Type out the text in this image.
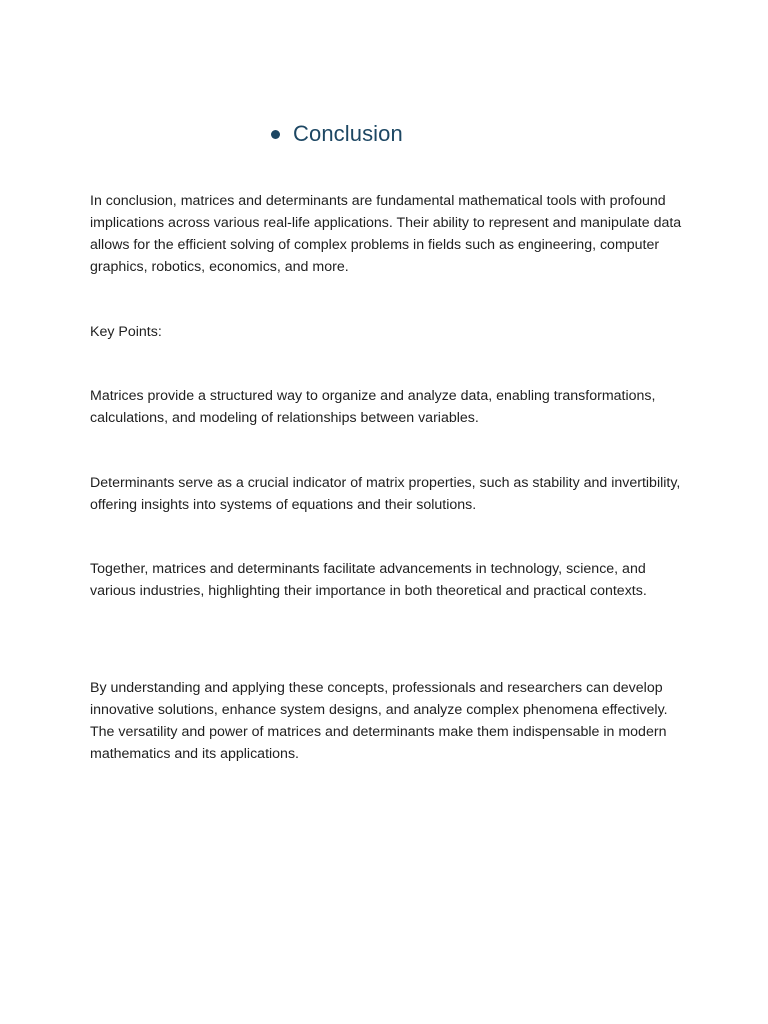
Conclusion

In conclusion, matrices and determinants are fundamental mathematical tools with profound implications across various real-life applications. Their ability to represent and manipulate data allows for the efficient solving of complex problems in fields such as engineering, computer graphics, robotics, economics, and more.

Key Points:

Matrices provide a structured way to organize and analyze data, enabling transformations, calculations, and modeling of relationships between variables.

Determinants serve as a crucial indicator of matrix properties, such as stability and invertibility, offering insights into systems of equations and their solutions.

Together, matrices and determinants facilitate advancements in technology, science, and various industries, highlighting their importance in both theoretical and practical contexts.

By understanding and applying these concepts, professionals and researchers can develop innovative solutions, enhance system designs, and analyze complex phenomena effectively. The versatility and power of matrices and determinants make them indispensable in modern mathematics and its applications.
